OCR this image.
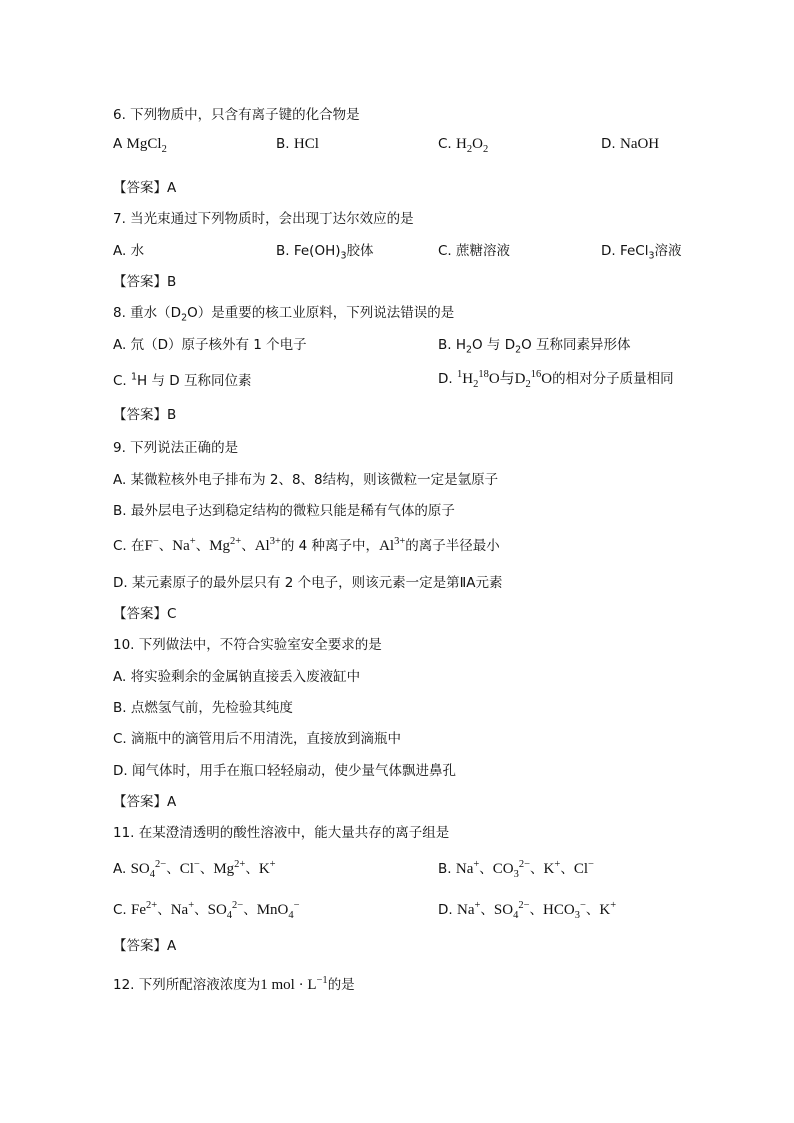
6. 下列物质中，只含有离子键的化合物是
A MgCl$_2$	B. HCl	C. $H_2O_2$	D. NaOH
【答案】A
7. 当光束通过下列物质时，会出现丁达尔效应的是
A. 水	B. $Fe(OH)_3$胶体	C. 蔗糖溶液	D. FeCl$_3$溶液
【答案】B
8. 重水$(D_2O)$是重要的核工业原料，下列说法错误的是
A. 氘（D）原子核外有 1 个电子	B. $H_2O$ 与 $D_2O$ 互称同素异形体
C. $^1$H 与 D 互称同位素	D. $^1H_2^{18}O$与$D_2^{16}O$的相对分子质量相同
【答案】B
9. 下列说法正确的是
A. 某微粒核外电子排布为 2、8、8结构，则该微粒一定是氩原子
B. 最外层电子达到稳定结构的微粒只能是稀有气体的原子
C. 在F−、Na+、$Mg^{2+}$、$Al^{3+}$的 4 种离子中，$Al^{3+}$的离子半径最小
D. 某元素原子的最外层只有 2 个电子，则该元素一定是第ⅡA元素
【答案】C
10. 下列做法中，不符合实验室安全要求的是
A. 将实验剩余的金属钠直接丢入废液缸中
B. 点燃氢气前，先检验其纯度
C. 滴瓶中的滴管用后不用清洗，直接放到滴瓶中
D. 闻气体时，用手在瓶口轻轻扇动，使少量气体飘进鼻孔
【答案】A
11. 在某澄清透明的酸性溶液中，能大量共存的离子组是
A. $SO_4^{2-}$、Cl−、$Mg^{2+}$、K+	B. Na+、$CO_3^{2-}$、K+、Cl−
C. $Fe^{2+}$、Na+、$SO_4^{2-}$、MnO$_4$−	D. Na+、$SO_4^{2-}$、$HCO_3^-$、K+
【答案】A
12. 下列所配溶液浓度为1 mol · $L^{-1}$的是
